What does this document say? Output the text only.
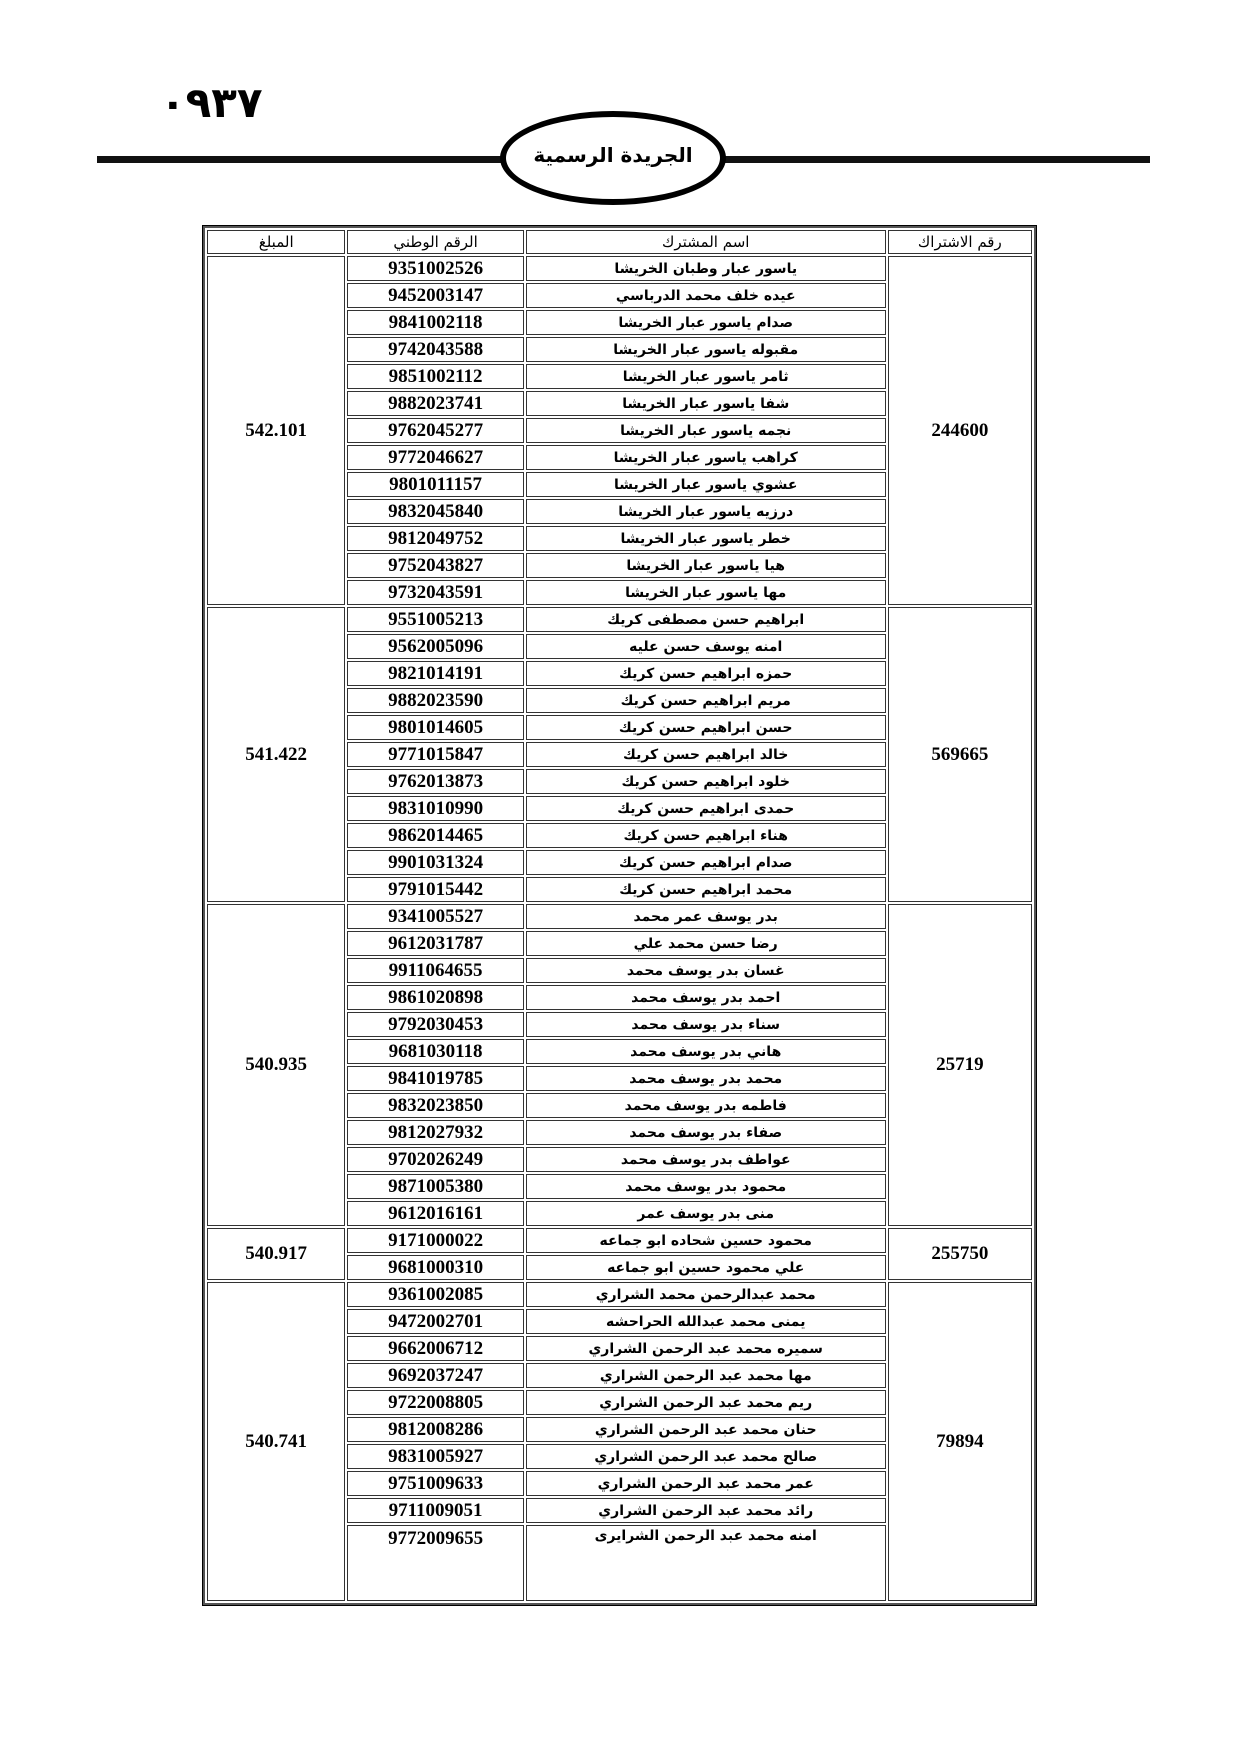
٧٣٩٠
الجريدة الرسمية
رقم الاشتراك	اسم المشترك	الرقم الوطني	المبلغ
244600	ياسور عبار وطبان الخريشا	9351002526	542.101
	عيده خلف محمد الدرباسي	9452003147	
	صدام ياسور عبار الخريشا	9841002118	
	مقبوله ياسور عبار الخريشا	9742043588	
	ثامر ياسور عبار الخريشا	9851002112	
	شفا ياسور عبار الخريشا	9882023741	
	نجمه ياسور عبار الخريشا	9762045277	
	كراهب ياسور عبار الخريشا	9772046627	
	عشوي ياسور عبار الخريشا	9801011157	
	درزيه ياسور عبار الخريشا	9832045840	
	خطر ياسور عبار الخريشا	9812049752	
	هيا ياسور عبار الخريشا	9752043827	
	مها ياسور عبار الخريشا	9732043591	
569665	ابراهيم حسن مصطفى كريك	9551005213	541.422
	امنه يوسف حسن عليه	9562005096	
	حمزه ابراهيم حسن كريك	9821014191	
	مريم ابراهيم حسن كريك	9882023590	
	حسن ابراهيم حسن كريك	9801014605	
	خالد ابراهيم حسن كريك	9771015847	
	خلود ابراهيم حسن كريك	9762013873	
	حمدى ابراهيم حسن كريك	9831010990	
	هناء ابراهيم حسن كريك	9862014465	
	صدام ابراهيم حسن كريك	9901031324	
	محمد ابراهيم حسن كريك	9791015442	
25719	بدر يوسف عمر محمد	9341005527	540.935
	رضا حسن محمد علي	9612031787	
	غسان بدر يوسف محمد	9911064655	
	احمد بدر يوسف محمد	9861020898	
	سناء بدر يوسف محمد	9792030453	
	هاني بدر يوسف محمد	9681030118	
	محمد بدر يوسف محمد	9841019785	
	فاطمه بدر يوسف محمد	9832023850	
	صفاء بدر يوسف محمد	9812027932	
	عواطف بدر يوسف محمد	9702026249	
	محمود بدر يوسف محمد	9871005380	
	منى بدر يوسف عمر	9612016161	
255750	محمود حسين شحاده ابو جماعه	9171000022	540.917
	علي محمود حسين ابو جماعه	9681000310	
79894	محمد عبدالرحمن محمد الشراري	9361002085	540.741
	يمنى محمد عبدالله الحراحشه	9472002701	
	سميره محمد عبد الرحمن الشراري	9662006712	
	مها محمد عبد الرحمن الشراري	9692037247	
	ريم محمد عبد الرحمن الشراري	9722008805	
	حنان محمد عبد الرحمن الشراري	9812008286	
	صالح محمد عبد الرحمن الشراري	9831005927	
	عمر محمد عبد الرحمن الشراري	9751009633	
	رائد محمد عبد الرحمن الشراري	9711009051	
	امنه محمد عبد الرحمن الشرايرى	9772009655	
